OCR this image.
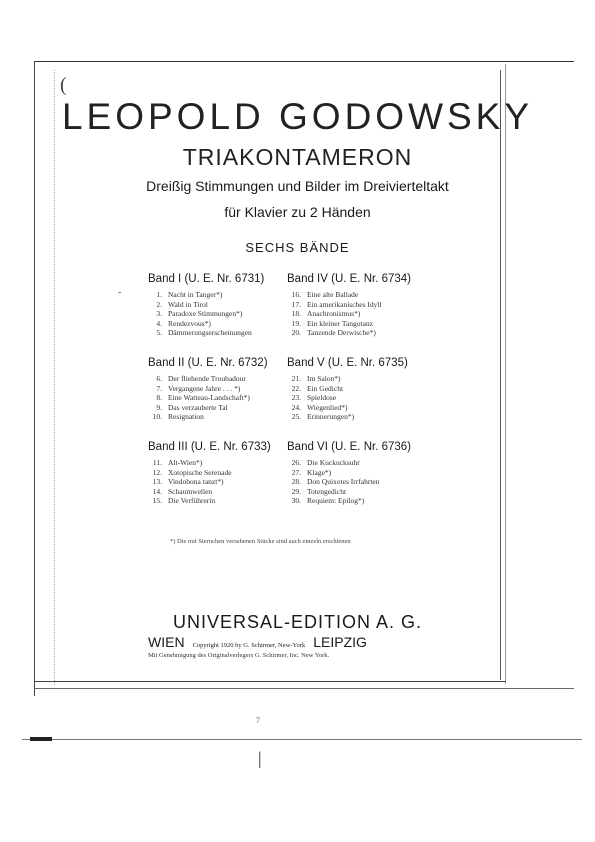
(
-
LEOPOLD GODOWSKY
TRIAKONTAMERON
Dreißig Stimmungen und Bilder im Dreivierteltakt
für Klavier zu 2 Händen
SECHS BÄNDE
Band I (U. E. Nr. 6731)
1. Nacht in Tanger*)
2. Wald in Tirol
3. Paradoxe Stimmungen*)
4. Rendezvous*)
5. Dämmerungserscheinungen
Band II (U. E. Nr. 6732)
6. Der fliehende Troubadour
7. Vergangene Jahre . . . *)
8. Eine Watteau-Landschaft*)
9. Das verzauberte Tal
10. Resignation
Band III (U. E. Nr. 6733)
11. Alt-Wien*)
12. Xotopische Serenade
13. Vindobona tanzt*)
14. Schaumwellen
15. Die Verführerin
Band IV (U. E. Nr. 6734)
16. Eine alte Ballade
17. Ein amerikanisches Idyll
18. Anachronismus*)
19. Ein kleiner Tangotanz
20. Tanzende Derwische*)
Band V (U. E. Nr. 6735)
21. Im Salon*)
22. Ein Gedicht
23. Spieldose
24. Wiegenlied*)
25. Erinnerungen*)
Band VI (U. E. Nr. 6736)
26. Die Kuckucksuhr
27. Klage*)
28. Don Quixotes Irrfahrten
29. Totengedicht
30. Requiem: Epilog*)
*) Die mit Sternchen versehenen Stücke sind auch einzeln erschienen
UNIVERSAL-EDITION A. G.
WIEN Copyright 1920 by G. Schirmer, New-York LEIPZIG
Mit Genehmigung des Originalverlegers G. Schirmer, Inc. New York.
7
|
